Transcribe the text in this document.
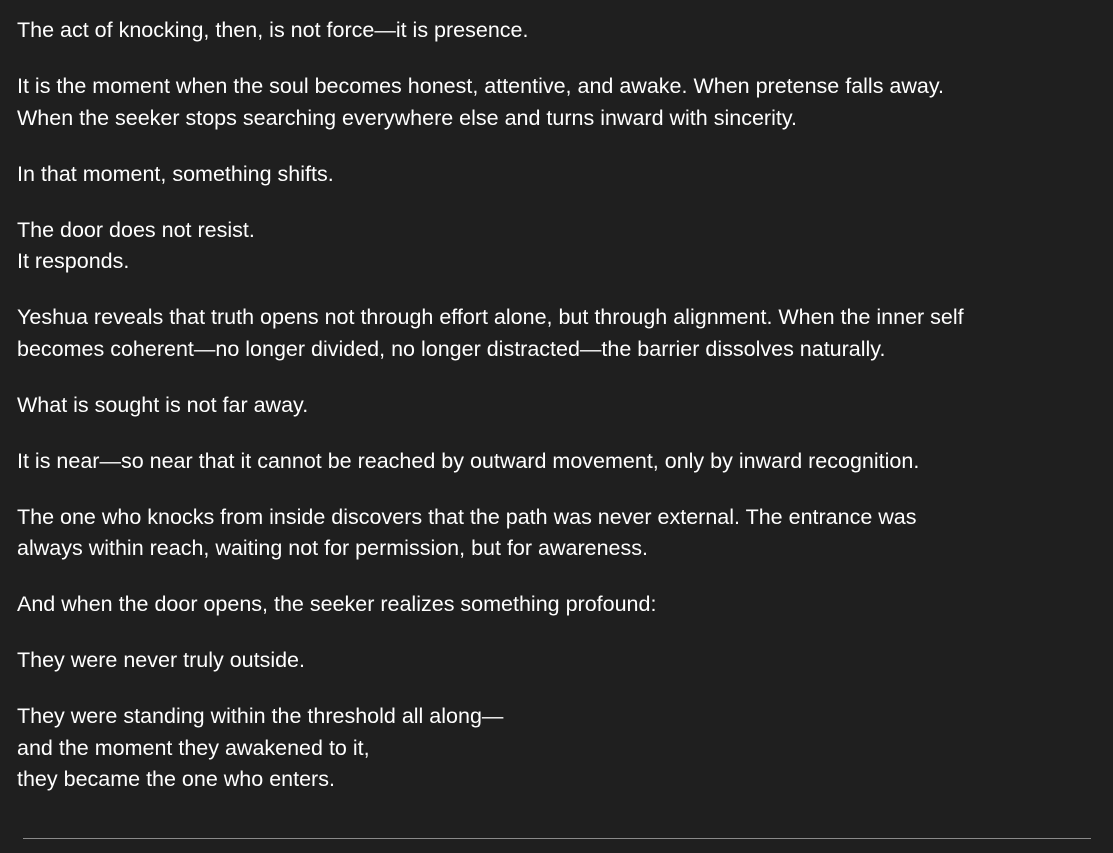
The act of knocking, then, is not force—it is presence.

It is the moment when the soul becomes honest, attentive, and awake. When pretense falls away.
When the seeker stops searching everywhere else and turns inward with sincerity.

In that moment, something shifts.

The door does not resist.
It responds.

Yeshua reveals that truth opens not through effort alone, but through alignment. When the inner self
becomes coherent—no longer divided, no longer distracted—the barrier dissolves naturally.

What is sought is not far away.

It is near—so near that it cannot be reached by outward movement, only by inward recognition.

The one who knocks from inside discovers that the path was never external. The entrance was
always within reach, waiting not for permission, but for awareness.

And when the door opens, the seeker realizes something profound:

They were never truly outside.

They were standing within the threshold all along—
and the moment they awakened to it,
they became the one who enters.
